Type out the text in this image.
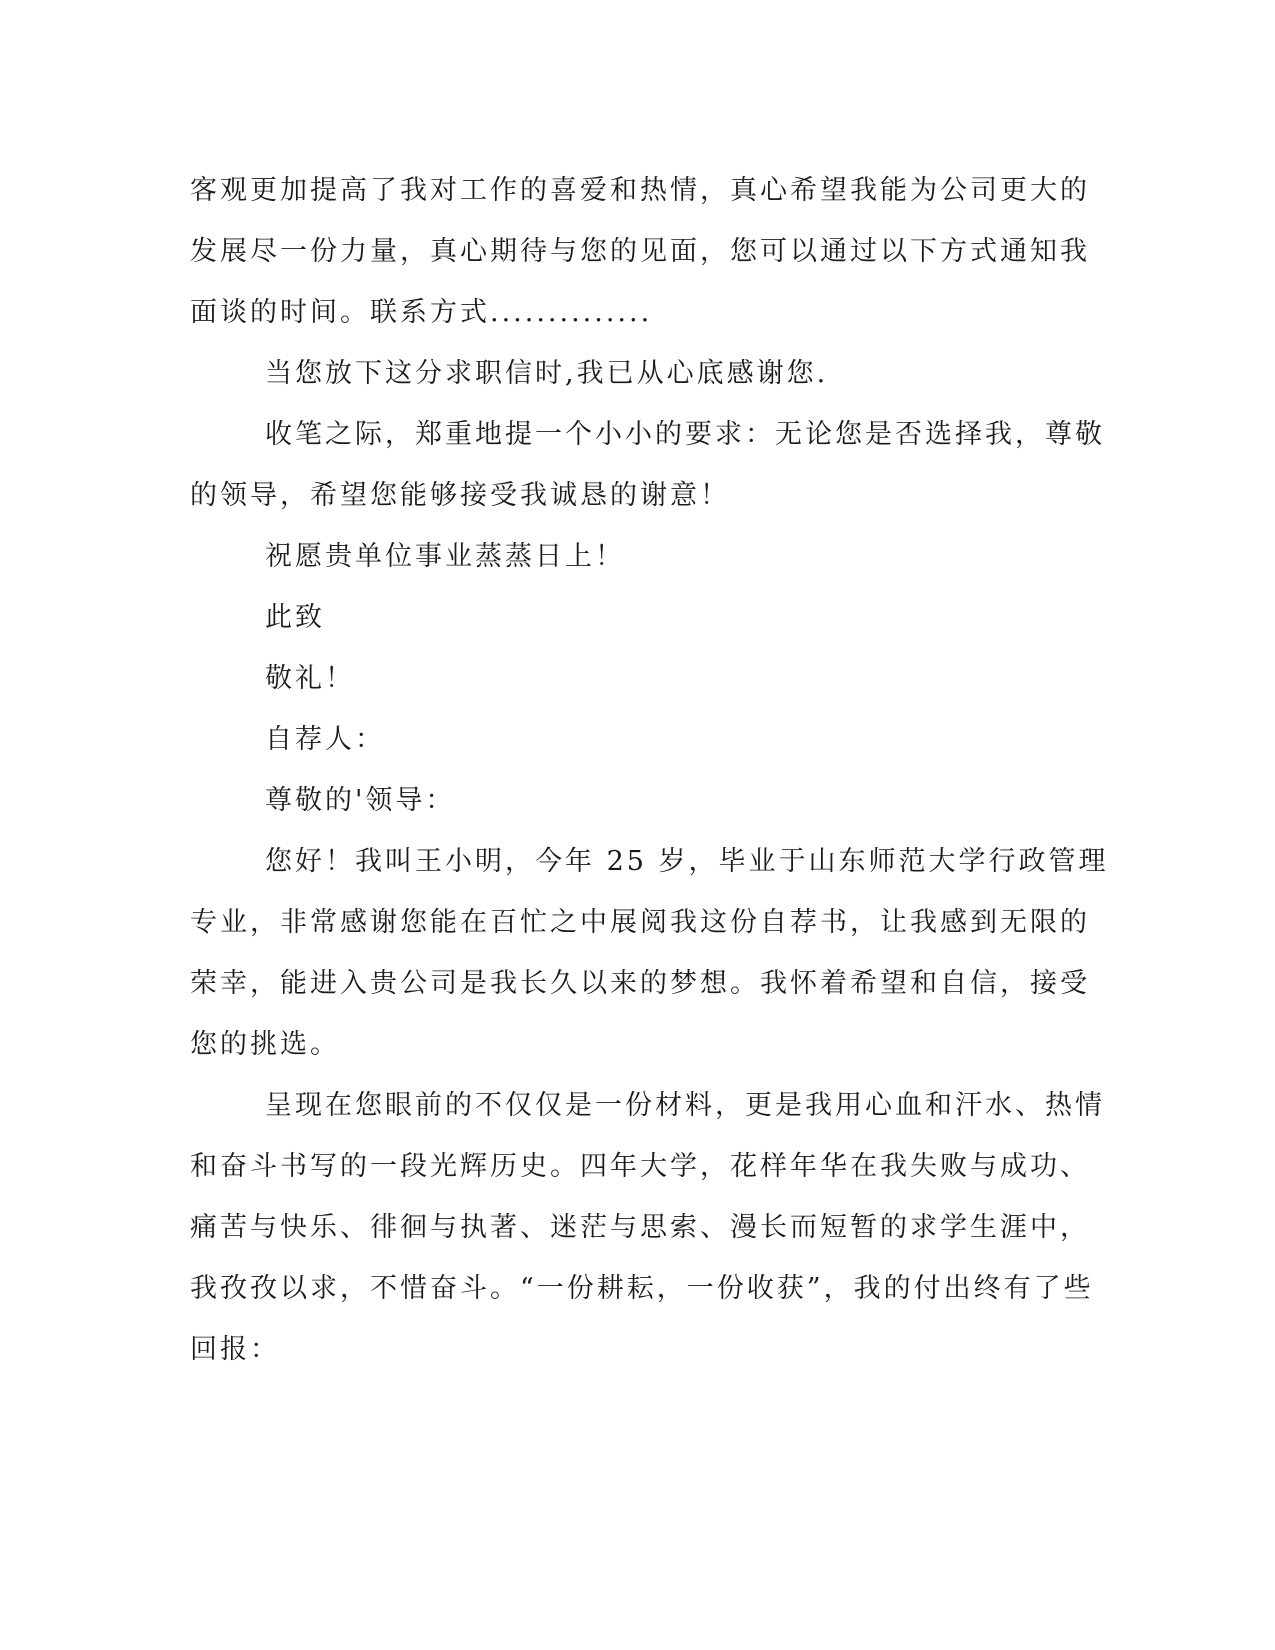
客观更加提高了我对工作的喜爱和热情，真心希望我能为公司更大的
发展尽一份力量，真心期待与您的见面，您可以通过以下方式通知我
面谈的时间。联系方式..............
当您放下这分求职信时,我已从心底感谢您.
收笔之际，郑重地提一个小小的要求：无论您是否选择我，尊敬
的领导，希望您能够接受我诚恳的谢意！
祝愿贵单位事业蒸蒸日上！
此致
敬礼！
自荐人：
尊敬的'领导：
您好！我叫王小明，今年 25 岁，毕业于山东师范大学行政管理
专业，非常感谢您能在百忙之中展阅我这份自荐书，让我感到无限的
荣幸，能进入贵公司是我长久以来的梦想。我怀着希望和自信，接受
您的挑选。
呈现在您眼前的不仅仅是一份材料，更是我用心血和汗水、热情
和奋斗书写的一段光辉历史。四年大学，花样年华在我失败与成功、
痛苦与快乐、徘徊与执著、迷茫与思索、漫长而短暂的求学生涯中，
我孜孜以求，不惜奋斗。“一份耕耘，一份收获”，我的付出终有了些
回报：
